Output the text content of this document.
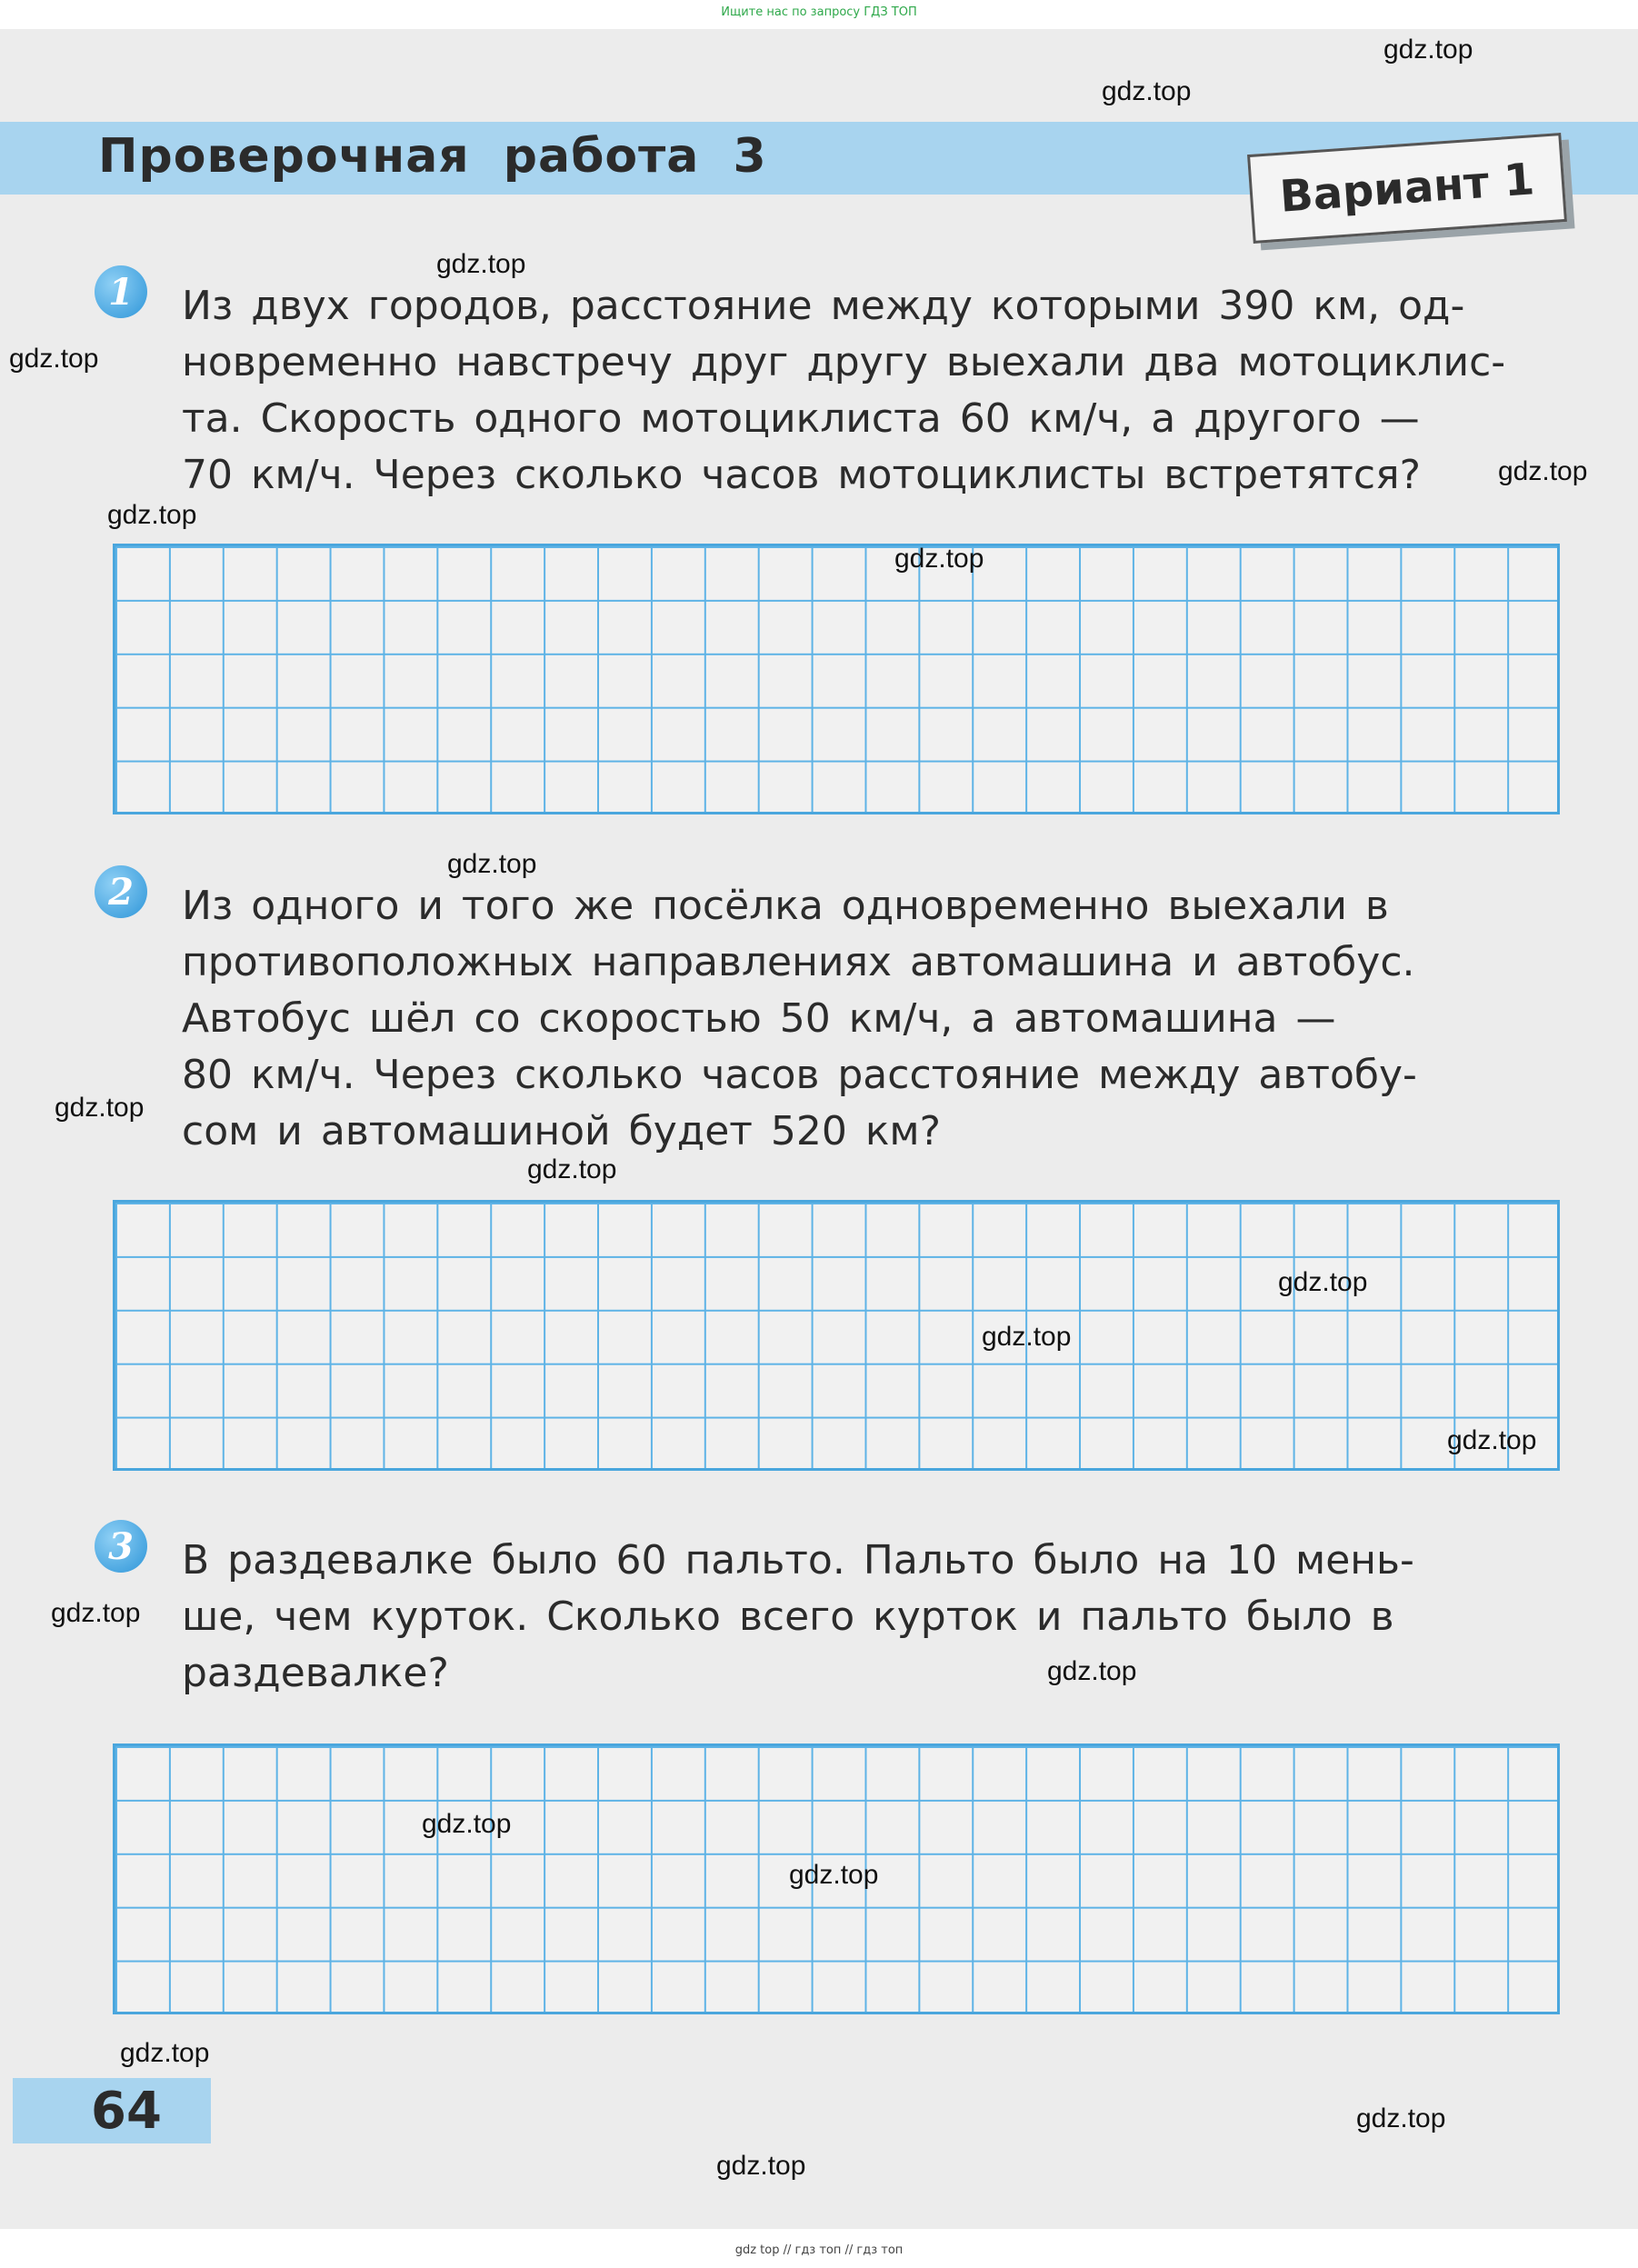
Ищите нас по запросу ГДЗ ТОП
Проверочная работа 3	Вариант 1
1	Из двух городов, расстояние между которыми 390 км, од-
новременно навстречу друг другу выехали два мотоциклис-
та. Скорость одного мотоциклиста 60 км/ч, а другого —
70 км/ч. Через сколько часов мотоциклисты встретятся?

2	Из одного и того же посёлка одновременно выехали в
противоположных направлениях автомашина и автобус.
Автобус шёл со скоростью 50 км/ч, а автомашина —
80 км/ч. Через сколько часов расстояние между автобу-
сом и автомашиной будет 520 км?

3	В раздевалке было 60 пальто. Пальто было на 10 мень-
ше, чем курток. Сколько всего курток и пальто было в
раздевалке?

64
gdz.top
gdz.top
gdz.top
gdz.top
gdz.top
gdz.top
gdz.top
gdz.top
gdz.top
gdz.top
gdz.top
gdz.top
gdz.top
gdz.top
gdz.top
gdz.top
gdz.top
gdz.top
gdz.top
gdz.top
gdz top // гдз топ // гдз топ
